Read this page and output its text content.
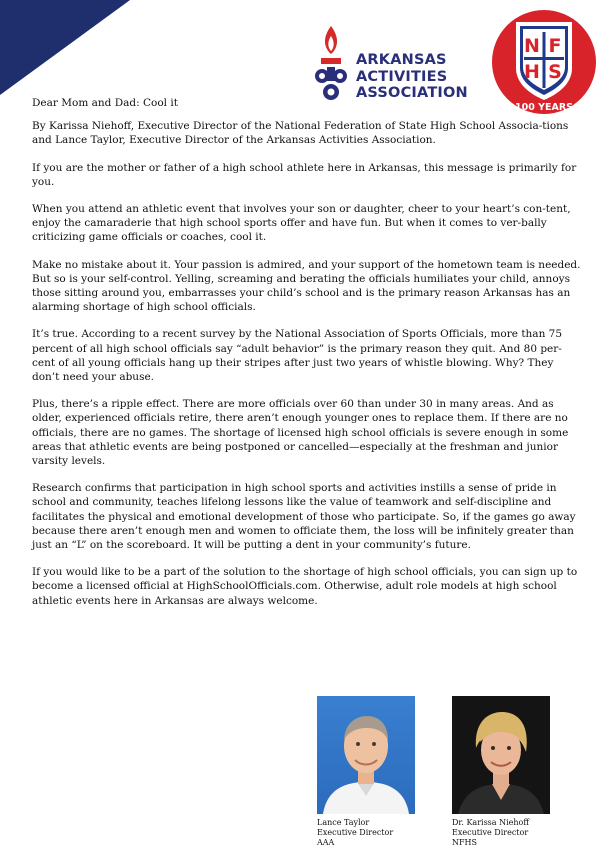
ARKANSAS
ACTIVITIES
ASSOCIATION
N F
H S
100 YEARS

Dear Mom and Dad: Cool it

By Karissa Niehoff, Executive Director of the National Federation of State High School Associa-tions and Lance Taylor, Executive Director of the Arkansas Activities Association.

If you are the mother or father of a high school athlete here in Arkansas, this message is primarily for you.

When you attend an athletic event that involves your son or daughter, cheer to your heart’s con-tent, enjoy the camaraderie that high school sports offer and have fun. But when it comes to ver-bally criticizing game officials or coaches, cool it.

Make no mistake about it. Your passion is admired, and your support of the hometown team is needed. But so is your self-control. Yelling, screaming and berating the officials humiliates your child, annoys those sitting around you, embarrasses your child’s school and is the primary reason Arkansas has an alarming shortage of high school officials.

It’s true. According to a recent survey by the National Association of Sports Officials, more than 75 percent of all high school officials say “adult behavior” is the primary reason they quit. And 80 per-cent of all young officials hang up their stripes after just two years of whistle blowing. Why? They don’t need your abuse.

Plus, there’s a ripple effect. There are more officials over 60 than under 30 in many areas. And as older, experienced officials retire, there aren’t enough younger ones to replace them. If there are no officials, there are no games. The shortage of licensed high school officials is severe enough in some areas that athletic events are being postponed or cancelled—especially at the freshman and junior varsity levels.

Research confirms that participation in high school sports and activities instills a sense of pride in school and community, teaches lifelong lessons like the value of teamwork and self-discipline and facilitates the physical and emotional development of those who participate. So, if the games go away because there aren’t enough men and women to officiate them, the loss will be infinitely greater than just an “L” on the scoreboard. It will be putting a dent in your community’s future.

If you would like to be a part of the solution to the shortage of high school officials, you can sign up to become a licensed official at HighSchoolOfficials.com. Otherwise, adult role models at high school athletic events here in Arkansas are always welcome.

Lance Taylor
Executive Director
AAA
Dr. Karissa Niehoff
Executive Director
NFHS
